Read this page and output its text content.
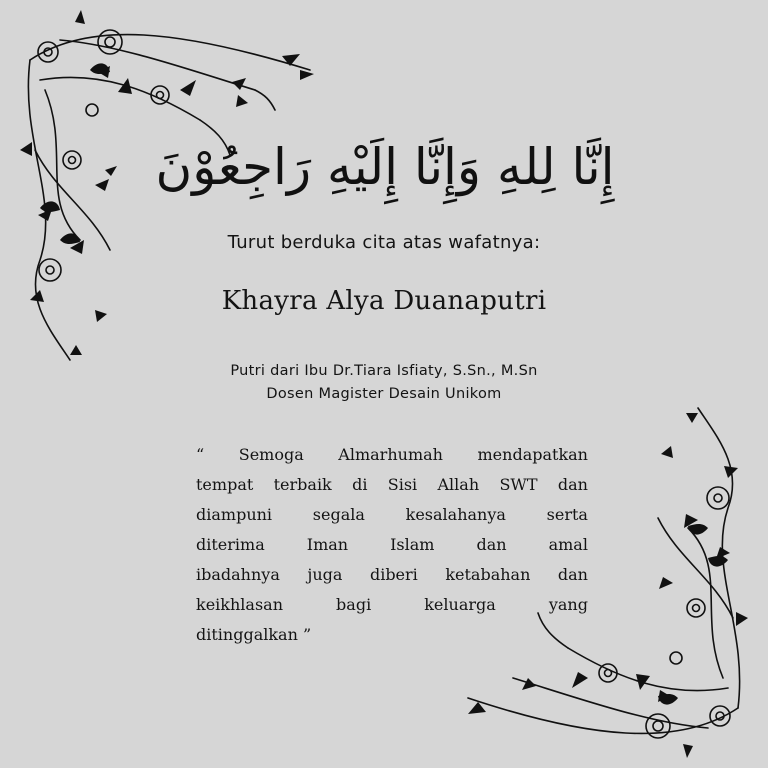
إِنَّا لِلهِ وَإِنَّا إِلَيْهِ رَاجِعُوْنَ
Turut berduka cita atas wafatnya:
Khayra Alya Duanaputri
Putri dari Ibu Dr.Tiara Isfiaty, S.Sn., M.Sn
Dosen Magister Desain Unikom
“ Semoga Almarhumah mendapatkan
tempat terbaik di Sisi Allah SWT dan
diampuni	segala	kesalahanya	serta
diterima	Iman	Islam	dan	amal
ibadahnya juga diberi ketabahan dan
keikhlasan	bagi	keluarga	yang
ditinggalkan ”
